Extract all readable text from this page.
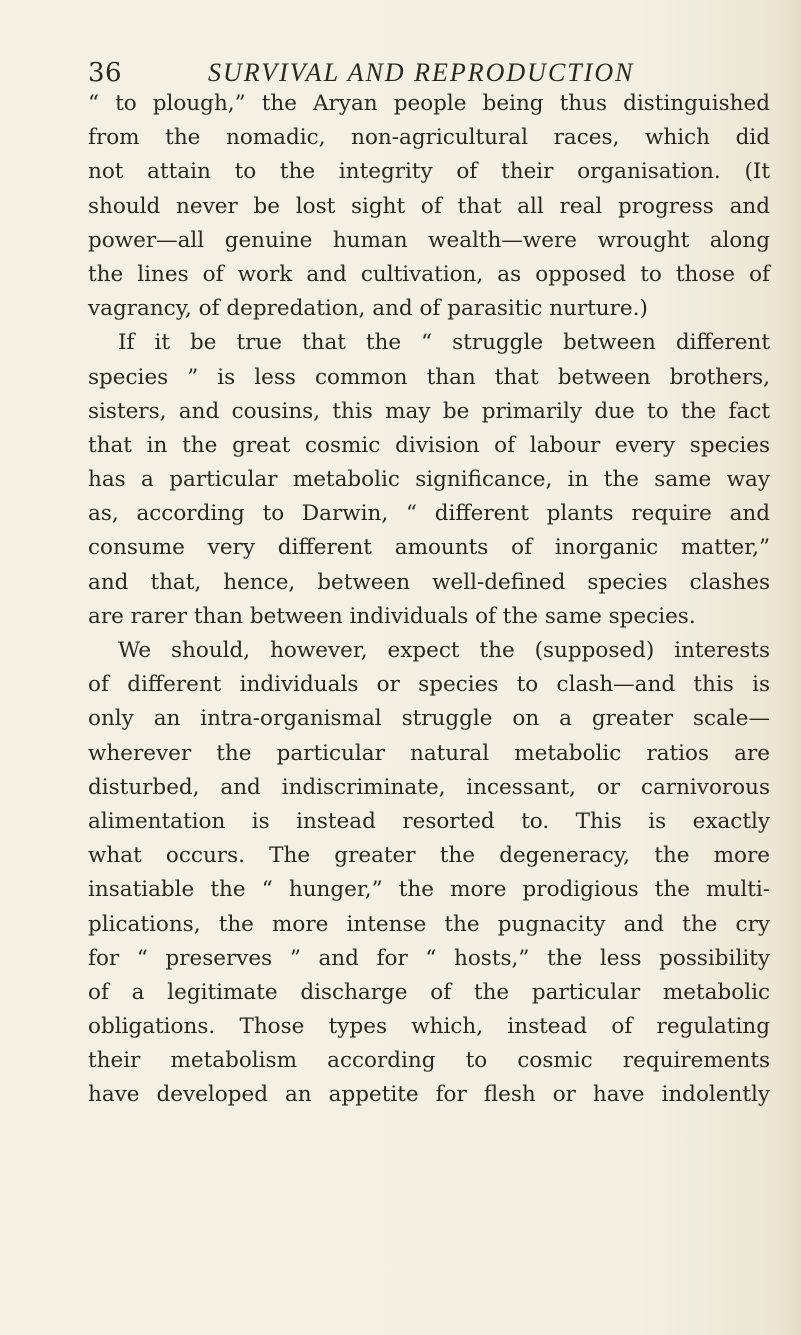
36	SURVIVAL AND REPRODUCTION
“ to plough,” the Aryan people being thus distinguished
from the nomadic, non-agricultural races, which did
not attain to the integrity of their organisation. (It
should never be lost sight of that all real progress and
power—all genuine human wealth—were wrought along
the lines of work and cultivation, as opposed to those of
vagrancy, of depredation, and of parasitic nurture.)
If it be true that the “ struggle between different
species ” is less common than that between brothers,
sisters, and cousins, this may be primarily due to the fact
that in the great cosmic division of labour every species
has a particular metabolic significance, in the same way
as, according to Darwin, “ different plants require and
consume very different amounts of inorganic matter,”
and that, hence, between well-defined species clashes
are rarer than between individuals of the same species.
We should, however, expect the (supposed) interests
of different individuals or species to clash—and this is
only an intra-organismal struggle on a greater scale—
wherever the particular natural metabolic ratios are
disturbed, and indiscriminate, incessant, or carnivorous
alimentation is instead resorted to. This is exactly
what occurs. The greater the degeneracy, the more
insatiable the “ hunger,” the more prodigious the multi-
plications, the more intense the pugnacity and the cry
for “ preserves ” and for “ hosts,” the less possibility
of a legitimate discharge of the particular metabolic
obligations. Those types which, instead of regulating
their metabolism according to cosmic requirements
have developed an appetite for flesh or have indolently
